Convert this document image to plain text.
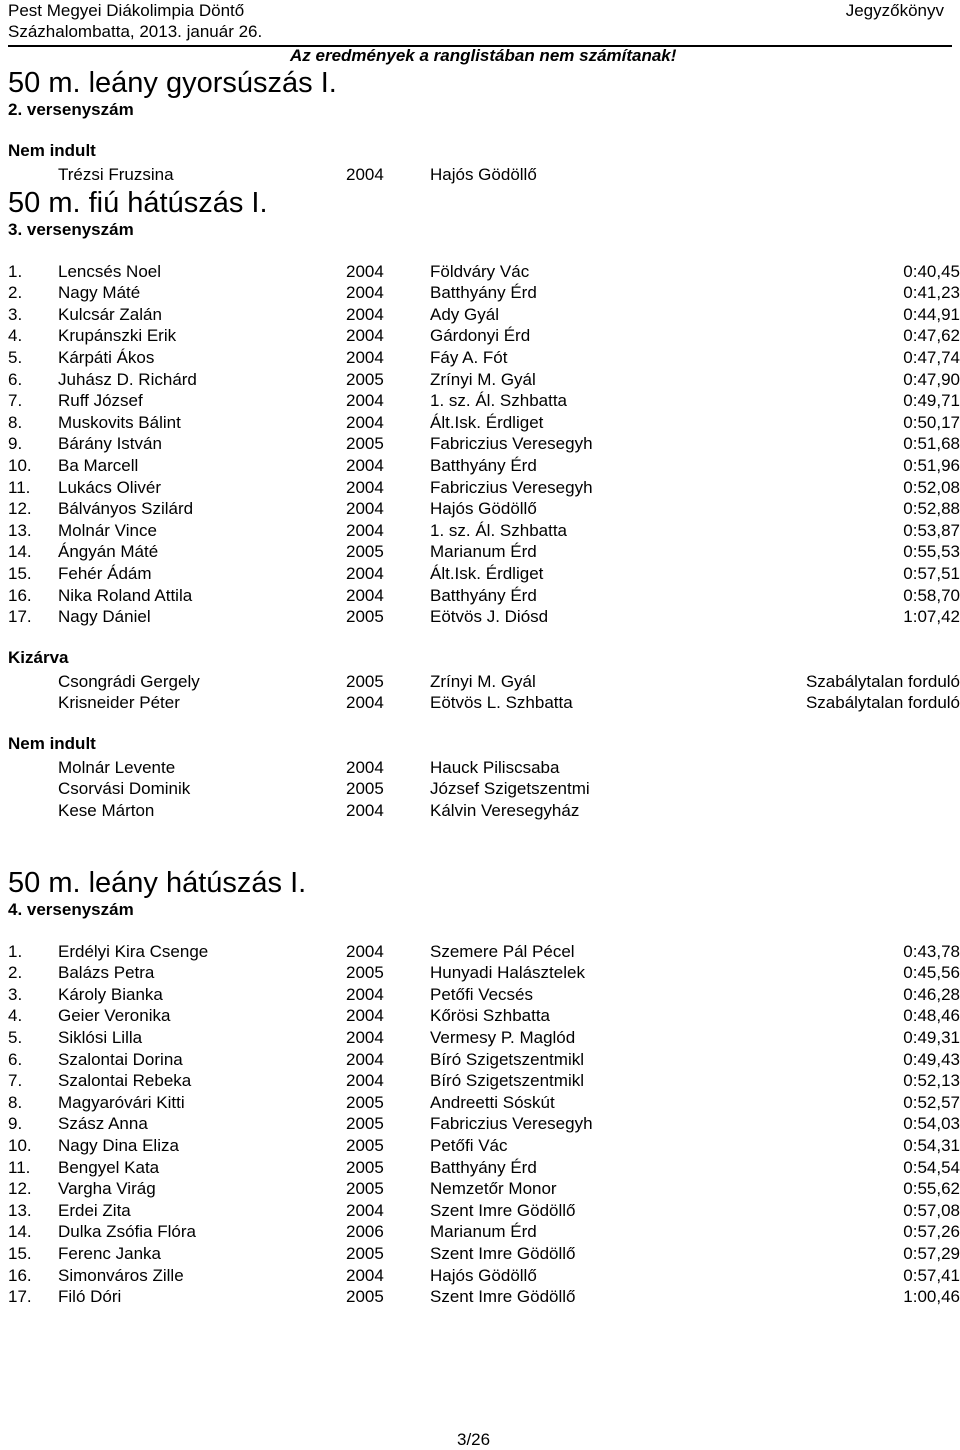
Pest Megyei Diákolimpia Döntő
Százhalombatta, 2013. január 26.
Jegyzőkönyv
Az eredmények a ranglistában nem számítanak!
50 m. leány gyorsúszás I.
2. versenyszám
Nem indult
Trézsi Fruzsina	2004	Hajós Gödöllő
50 m. fiú hátúszás I.
3. versenyszám
1. Lencsés Noel	2004	Földváry Vác	0:40,45
2. Nagy Máté	2004	Batthyány Érd	0:41,23
3. Kulcsár Zalán	2004	Ady Gyál	0:44,91
4. Krupánszki Erik	2004	Gárdonyi Érd	0:47,62
5. Kárpáti Ákos	2004	Fáy A. Fót	0:47,74
6. Juhász D. Richárd	2005	Zrínyi M. Gyál	0:47,90
7. Ruff József	2004	1. sz. Ál. Szhbatta	0:49,71
8. Muskovits Bálint	2004	Ált.Isk. Érdliget	0:50,17
9. Bárány István	2005	Fabriczius Veresegyh	0:51,68
10. Ba Marcell	2004	Batthyány Érd	0:51,96
11. Lukács Olivér	2004	Fabriczius Veresegyh	0:52,08
12. Bálványos Szilárd	2004	Hajós Gödöllő	0:52,88
13. Molnár Vince	2004	1. sz. Ál. Szhbatta	0:53,87
14. Ángyán Máté	2005	Marianum Érd	0:55,53
15. Fehér Ádám	2004	Ált.Isk. Érdliget	0:57,51
16. Nika Roland Attila	2004	Batthyány Érd	0:58,70
17. Nagy Dániel	2005	Eötvös J. Diósd	1:07,42
Kizárva
Csongrádi Gergely	2005	Zrínyi M. Gyál	Szabálytalan forduló
Krisneider Péter	2004	Eötvös L. Szhbatta	Szabálytalan forduló
Nem indult
Molnár Levente	2004	Hauck Piliscsaba
Csorvási Dominik	2005	József Szigetszentmi
Kese Márton	2004	Kálvin Veresegyház
50 m. leány hátúszás I.
4. versenyszám
1. Erdélyi Kira Csenge	2004	Szemere Pál Pécel	0:43,78
2. Balázs Petra	2005	Hunyadi Halásztelek	0:45,56
3. Károly Bianka	2004	Petőfi Vecsés	0:46,28
4. Geier Veronika	2004	Kőrösi Szhbatta	0:48,46
5. Siklósi Lilla	2004	Vermesy P. Maglód	0:49,31
6. Szalontai Dorina	2004	Bíró Szigetszentmikl	0:49,43
7. Szalontai Rebeka	2004	Bíró Szigetszentmikl	0:52,13
8. Magyaróvári Kitti	2005	Andreetti Sóskút	0:52,57
9. Szász Anna	2005	Fabriczius Veresegyh	0:54,03
10. Nagy Dina Eliza	2005	Petőfi Vác	0:54,31
11. Bengyel Kata	2005	Batthyány Érd	0:54,54
12. Vargha Virág	2005	Nemzetőr Monor	0:55,62
13. Erdei Zita	2004	Szent Imre Gödöllő	0:57,08
14. Dulka Zsófia Flóra	2006	Marianum Érd	0:57,26
15. Ferenc Janka	2005	Szent Imre Gödöllő	0:57,29
16. Simonváros Zille	2004	Hajós Gödöllő	0:57,41
17. Filó Dóri	2005	Szent Imre Gödöllő	1:00,46
3/26
